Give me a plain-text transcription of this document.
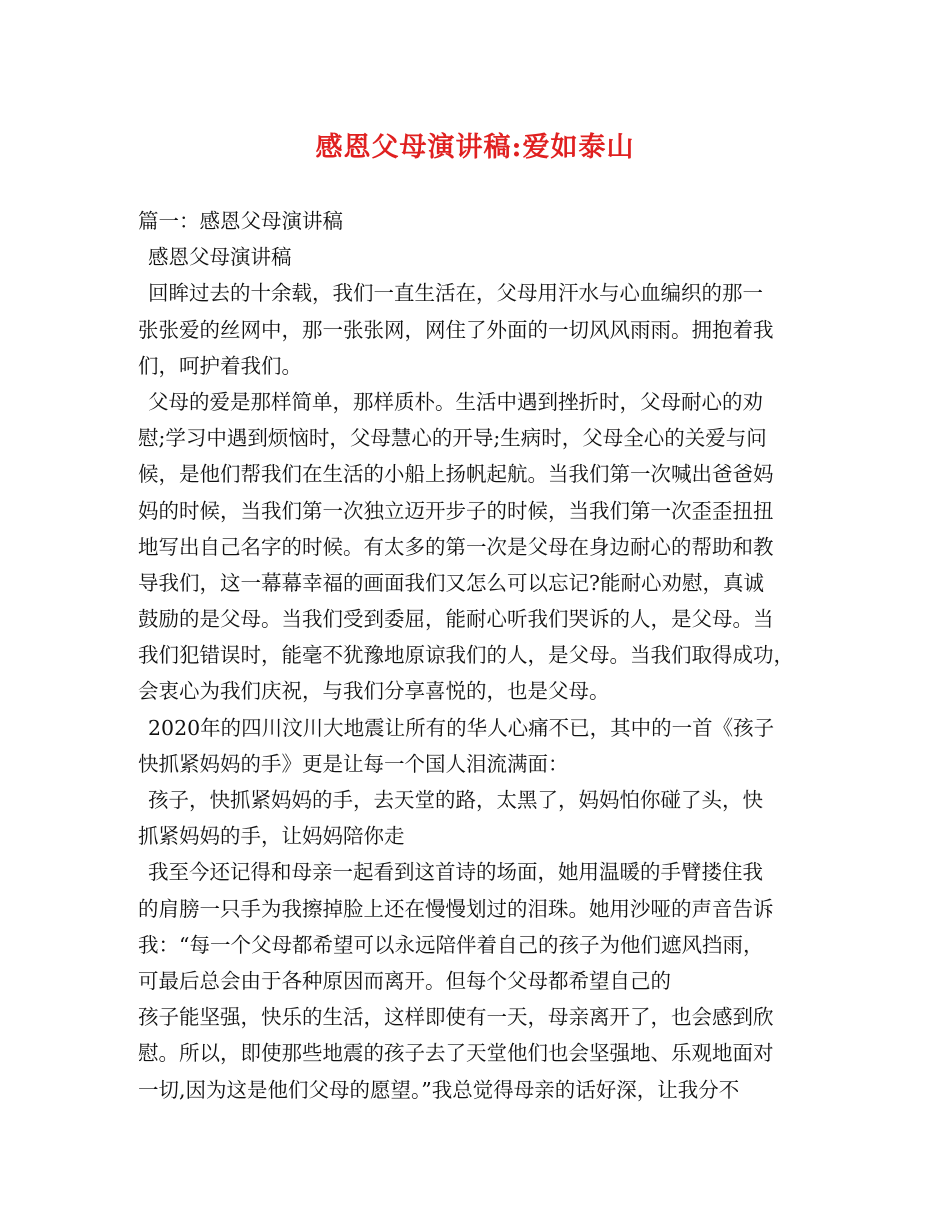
感恩父母演讲稿:爱如泰山
篇一：感恩父母演讲稿
感恩父母演讲稿
回眸过去的十余载，我们一直生活在，父母用汗水与心血编织的那一
张张爱的丝网中，那一张张网，网住了外面的一切风风雨雨。拥抱着我
们，呵护着我们。
父母的爱是那样简单，那样质朴。生活中遇到挫折时，父母耐心的劝
慰;学习中遇到烦恼时，父母慧心的开导;生病时，父母全心的关爱与问
候，是他们帮我们在生活的小船上扬帆起航。当我们第一次喊出爸爸妈
妈的时候，当我们第一次独立迈开步子的时候，当我们第一次歪歪扭扭
地写出自己名字的时候。有太多的第一次是父母在身边耐心的帮助和教
导我们，这一幕幕幸福的画面我们又怎么可以忘记?能耐心劝慰，真诚
鼓励的是父母。当我们受到委屈，能耐心听我们哭诉的人，是父母。当
我们犯错误时，能毫不犹豫地原谅我们的人，是父母。当我们取得成功，
会衷心为我们庆祝，与我们分享喜悦的，也是父母。
2020年的四川汶川大地震让所有的华人心痛不已，其中的一首《孩子
快抓紧妈妈的手》更是让每一个国人泪流满面：
孩子，快抓紧妈妈的手，去天堂的路，太黑了，妈妈怕你碰了头，快
抓紧妈妈的手，让妈妈陪你走
我至今还记得和母亲一起看到这首诗的场面，她用温暖的手臂搂住我
的肩膀一只手为我擦掉脸上还在慢慢划过的泪珠。她用沙哑的声音告诉
我：“每一个父母都希望可以永远陪伴着自己的孩子为他们遮风挡雨，
可最后总会由于各种原因而离开。但每个父母都希望自己的
孩子能坚强，快乐的生活，这样即使有一天，母亲离开了，也会感到欣
慰。所以，即使那些地震的孩子去了天堂他们也会坚强地、乐观地面对
一切,因为这是他们父母的愿望。”我总觉得母亲的话好深，让我分不
